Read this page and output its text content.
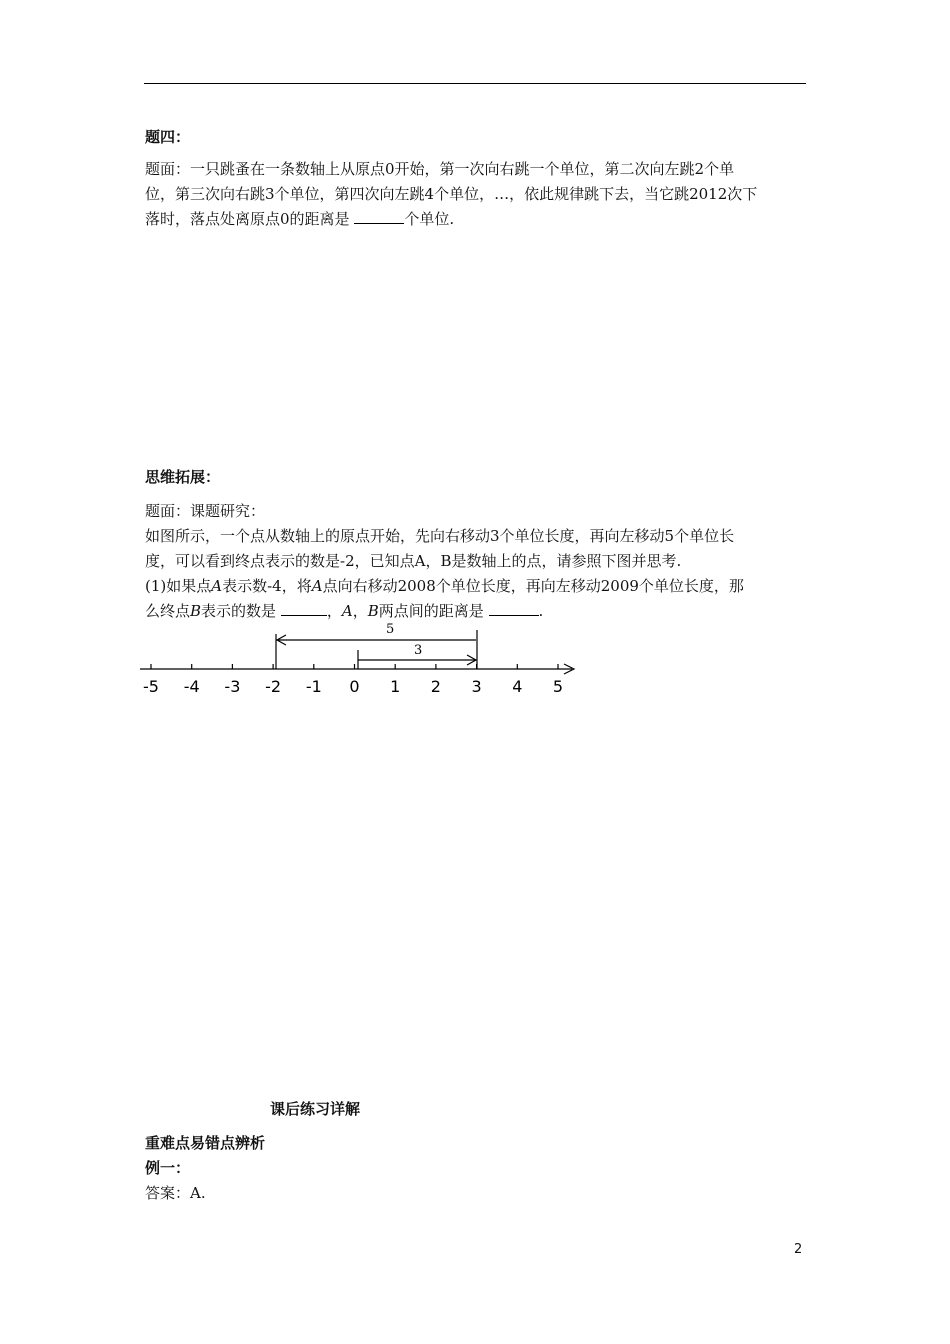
题四：
题面：一只跳蚤在一条数轴上从原点0开始，第一次向右跳一个单位，第二次向左跳2个单
位，第三次向右跳3个单位，第四次向左跳4个单位，…，依此规律跳下去，当它跳2012次下
落时，落点处离原点0的距离是	个单位.
思维拓展：
题面：课题研究：
如图所示，一个点从数轴上的原点开始，先向右移动3个单位长度，再向左移动5个单位长
度，可以看到终点表示的数是-2，已知点A，B是数轴上的点，请参照下图并思考.
(1)如果点A表示数-4，将A点向右移动2008个单位长度，再向左移动2009个单位长度，那
么终点B表示的数是	，A，B两点间的距离是	.
-5 -4 -3 -2 -1 0 1 2 3 4 5
5
3
课后练习详解
重难点易错点辨析
例一：
答案：A.
2
